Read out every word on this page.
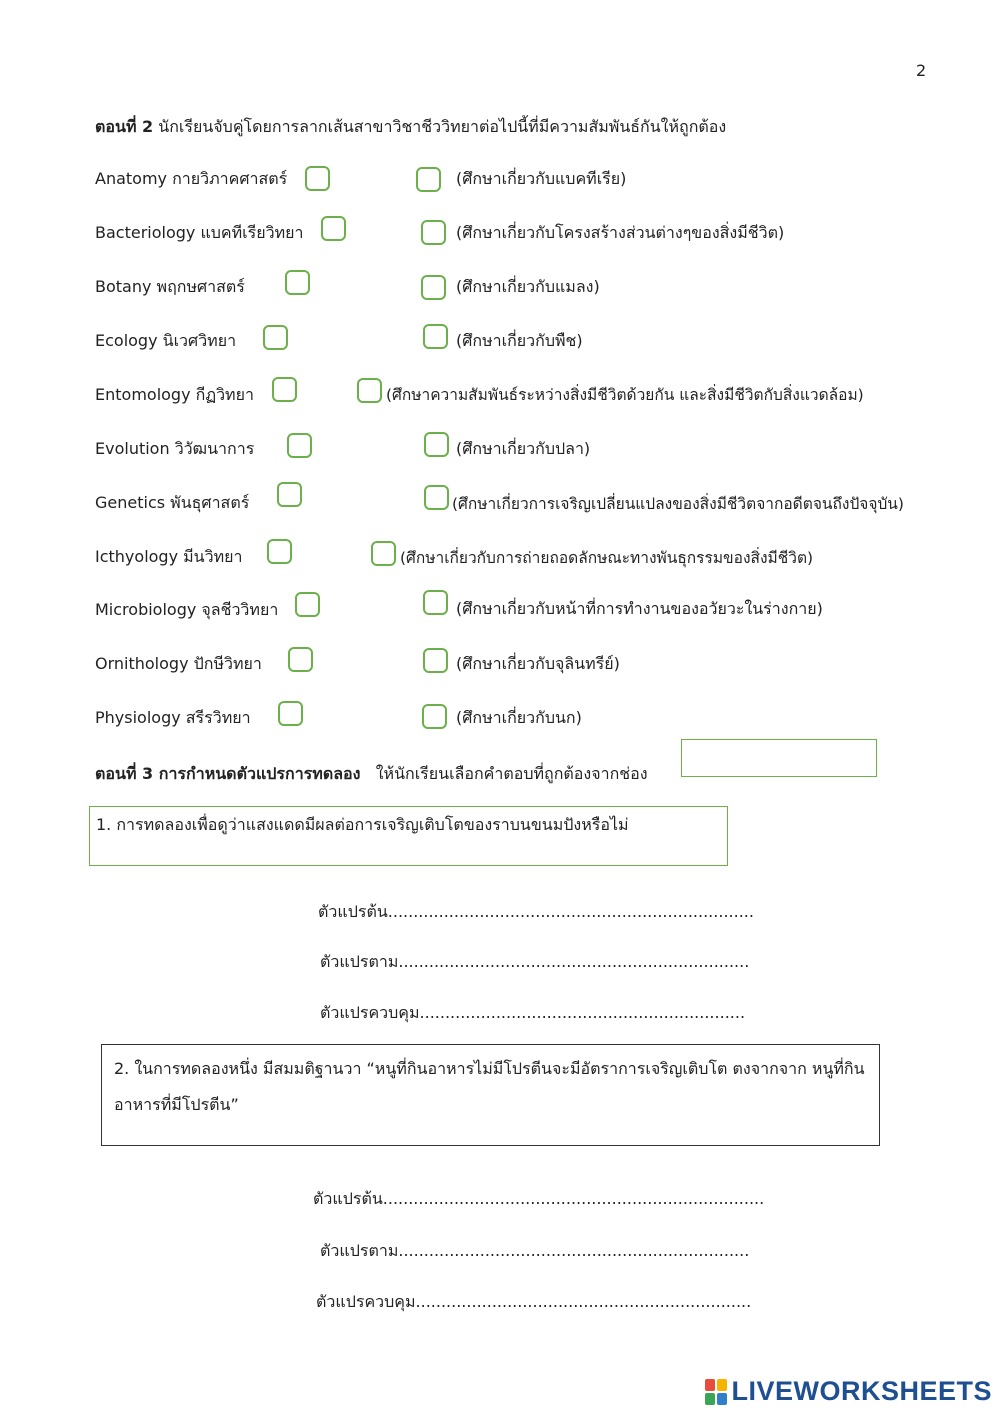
2
ตอนที่ 2 นักเรียนจับคู่โดยการลากเส้นสาขาวิชาชีววิทยาต่อไปนี้ที่มีความสัมพันธ์กันให้ถูกต้อง
Anatomy กายวิภาคศาสตร์
Bacteriology แบคทีเรียวิทยา
Botany พฤกษศาสตร์
Ecology นิเวศวิทยา
Entomology กีฏวิทยา
Evolution วิวัฒนาการ
Genetics พันธุศาสตร์
Icthyology มีนวิทยา
Microbiology จุลชีววิทยา
Ornithology ปักษีวิทยา
Physiology สรีรวิทยา
(ศึกษาเกี่ยวกับแบคทีเรีย)
(ศึกษาเกี่ยวกับโครงสร้างส่วนต่างๆของสิ่งมีชีวิต)
(ศึกษาเกี่ยวกับแมลง)
(ศึกษาเกี่ยวกับพืช)
(ศึกษาความสัมพันธ์ระหว่างสิ่งมีชีวิตด้วยกัน และสิ่งมีชีวิตกับสิ่งแวดล้อม)
(ศึกษาเกี่ยวกับปลา)
(ศึกษาเกี่ยวการเจริญเปลี่ยนแปลงของสิ่งมีชีวิตจากอดีตจนถึงปัจจุบัน)
(ศึกษาเกี่ยวกับการถ่ายถอดลักษณะทางพันธุกรรมของสิ่งมีชีวิต)
(ศึกษาเกี่ยวกับหน้าที่การทำงานของอวัยวะในร่างกาย)
(ศึกษาเกี่ยวกับจุลินทรีย์)
(ศึกษาเกี่ยวกับนก)
ตอนที่ 3 การกำหนดตัวแปรการทดลอง ให้นักเรียนเลือกคำตอบที่ถูกต้องจากช่อง
1. การทดลองเพื่อดูว่าแสงแดดมีผลต่อการเจริญเติบโตของราบนขนมปังหรือไม่
ตัวแปรต้น........................................................................
ตัวแปรตาม.....................................................................
ตัวแปรควบคุม................................................................
2. ในการทดลองหนึ่ง มีสมมติฐานวา “หนูที่กินอาหารไม่มีโปรตีนจะมีอัตราการเจริญเติบโต ตงจากจาก หนูที่กินอาหารที่มีโปรตีน”
ตัวแปรต้น...........................................................................
ตัวแปรตาม.....................................................................
ตัวแปรควบคุม..................................................................
LIVEWORKSHEETS
